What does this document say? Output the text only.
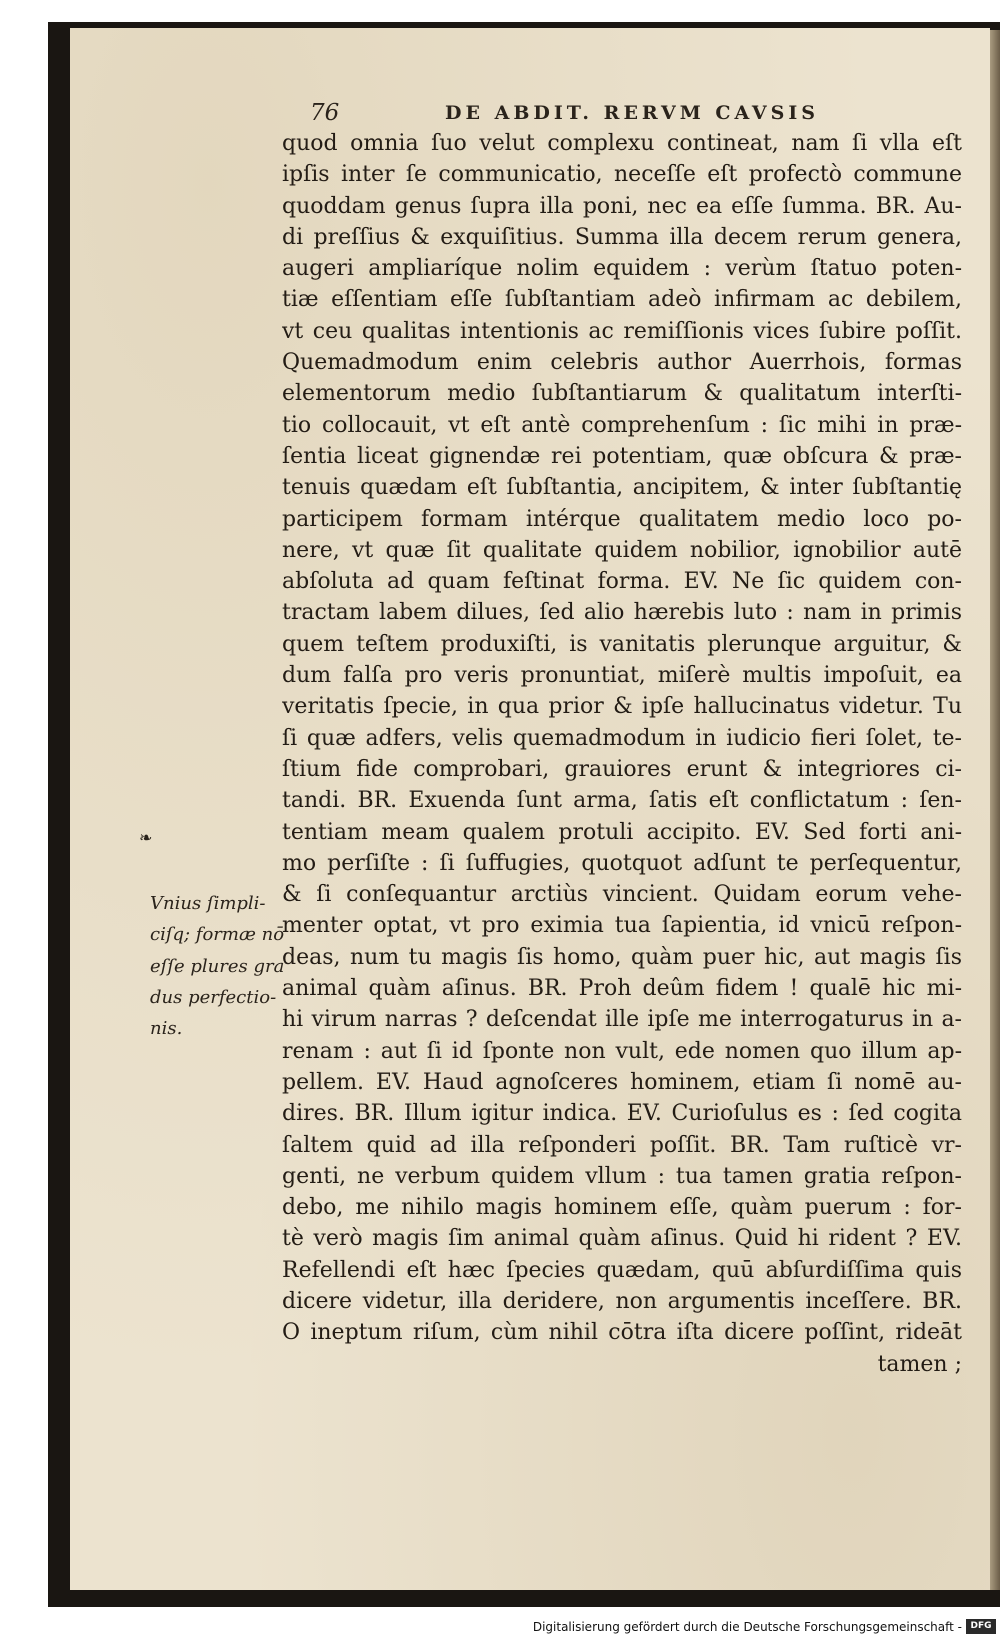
76	DE ABDIT. RERVM CAVSIS
quod omnia ſuo velut complexu contineat, nam ſi vlla eſt
ipſis inter ſe communicatio, neceſſe eſt profectò commune
quoddam genus ſupra illa poni, nec ea eſſe ſumma. BR. Au-
di preſſius & exquiſitius. Summa illa decem rerum genera,
augeri ampliaríque nolim equidem : verùm ſtatuo poten-
tiæ eſſentiam eſſe ſubſtantiam adeò infirmam ac debilem,
vt ceu qualitas intentionis ac remiſſionis vices ſubire poſſit.
Quemadmodum enim celebris author Auerrhois, formas
elementorum medio ſubſtantiarum & qualitatum interſti-
tio collocauit, vt eſt antè comprehenſum : ſic mihi in præ-
ſentia liceat gignendæ rei potentiam, quæ obſcura & præ-
tenuis quædam eſt ſubſtantia, ancipitem, & inter ſubſtantię
participem formam intérque qualitatem medio loco po-
nere, vt quæ ſit qualitate quidem nobilior, ignobilior autē
abſoluta ad quam feſtinat forma. EV. Ne ſic quidem con-
tractam labem dilues, ſed alio hærebis luto : nam in primis
quem teſtem produxiſti, is vanitatis plerunque arguitur, &
dum falſa pro veris pronuntiat, miſerè multis impoſuit, ea
veritatis ſpecie, in qua prior & ipſe hallucinatus videtur. Tu
ſi quæ adfers, velis quemadmodum in iudicio fieri ſolet, te-
ſtium fide comprobari, grauiores erunt & integriores ci-
tandi. BR. Exuenda ſunt arma, ſatis eſt conflictatum : ſen-
tentiam meam qualem protuli accipito. EV. Sed forti ani-
mo perſiſte : ſi ſuffugies, quotquot adſunt te perſequentur,
& ſi conſequantur arctiùs vincient. Quidam eorum vehe-
menter optat, vt pro eximia tua ſapientia, id vnicū reſpon-
deas, num tu magis ſis homo, quàm puer hic, aut magis ſis
animal quàm aſinus. BR. Proh deûm fidem ! qualē hic mi-
hi virum narras ? deſcendat ille ipſe me interrogaturus in a-
renam : aut ſi id ſponte non vult, ede nomen quo illum ap-
pellem. EV. Haud agnoſceres hominem, etiam ſi nomē au-
dires. BR. Illum igitur indica. EV. Curioſulus es : ſed cogita
ſaltem quid ad illa reſponderi poſſit. BR. Tam ruſticè vr-
genti, ne verbum quidem vllum : tua tamen gratia reſpon-
debo, me nihilo magis hominem eſſe, quàm puerum : for-
tè verò magis ſim animal quàm aſinus. Quid hi rident ? EV.
Refellendi eſt hæc ſpecies quædam, quū abſurdiſſima quis
dicere videtur, illa deridere, non argumentis inceſſere. BR.
O ineptum riſum, cùm nihil cōtra iſta dicere poſſint, rideāt
tamen ;
❧
Vnius ſimpli-
ciſq; formæ nō
eſſe plures gra
dus perfectio-
nis.
Digitalisierung gefördert durch die Deutsche Forschungsgemeinschaft - DFG
